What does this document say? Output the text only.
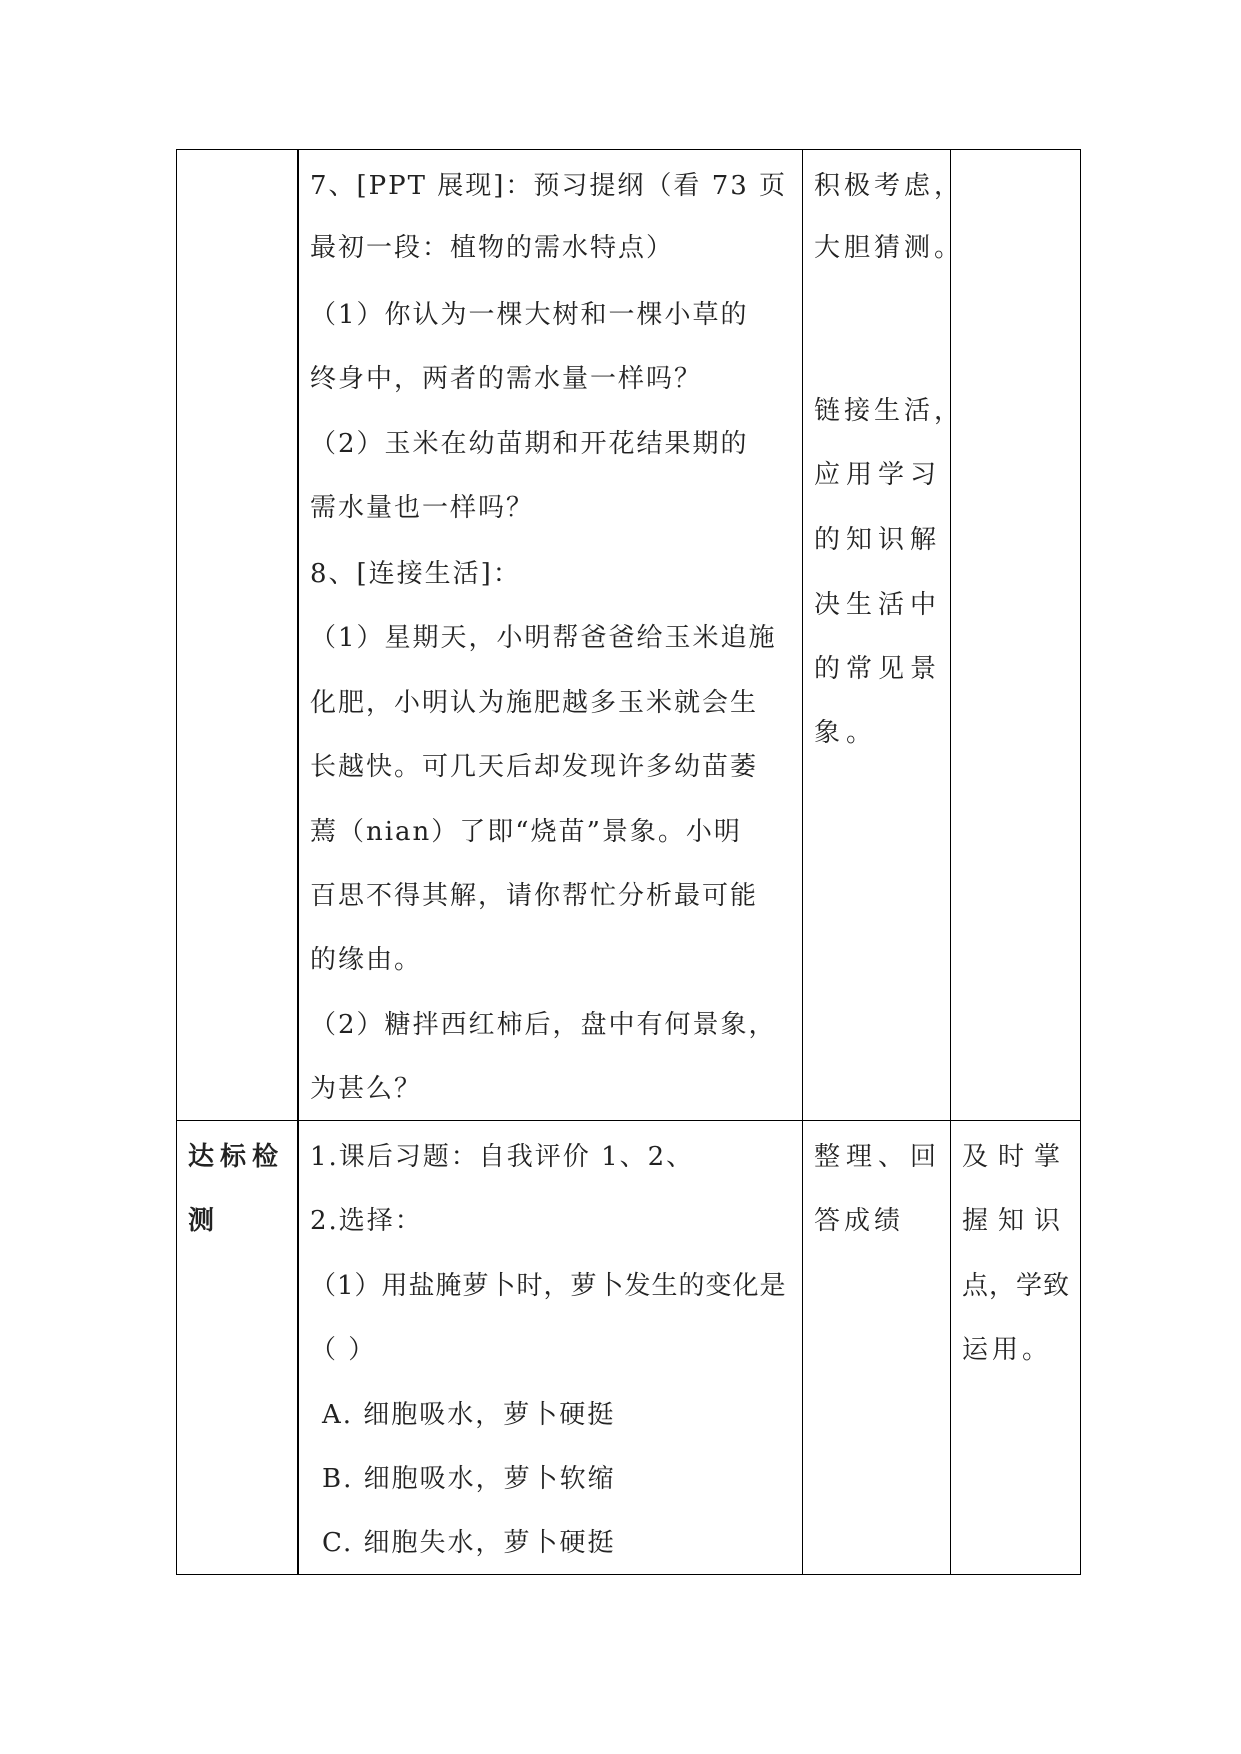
7、[PPT 展现]：预习提纲（看 73 页
最初一段：植物的需水特点）
（1）你认为一棵大树和一棵小草的
终身中，两者的需水量一样吗？
（2）玉米在幼苗期和开花结果期的
需水量也一样吗？
8、[连接生活]：
（1）星期天，小明帮爸爸给玉米追施
化肥，小明认为施肥越多玉米就会生
长越快。可几天后却发现许多幼苗萎
蔫（nian）了即“烧苗”景象。小明
百思不得其解，请你帮忙分析最可能
的缘由。
（2）糖拌西红柿后，盘中有何景象，
为甚么？
积极考虑，
大胆猜测。
链接生活，
应用学习
的知识解
决生活中
的常见景
象。
达标检
测
1.课后习题：自我评价 1、2、
2.选择：
（1）用盐腌萝卜时，萝卜发生的变化是
（ ）
A. 细胞吸水，萝卜硬挺
B. 细胞吸水，萝卜软缩
C. 细胞失水，萝卜硬挺
整理、回
答成绩
及时掌
握知识
点，学致
运用。
